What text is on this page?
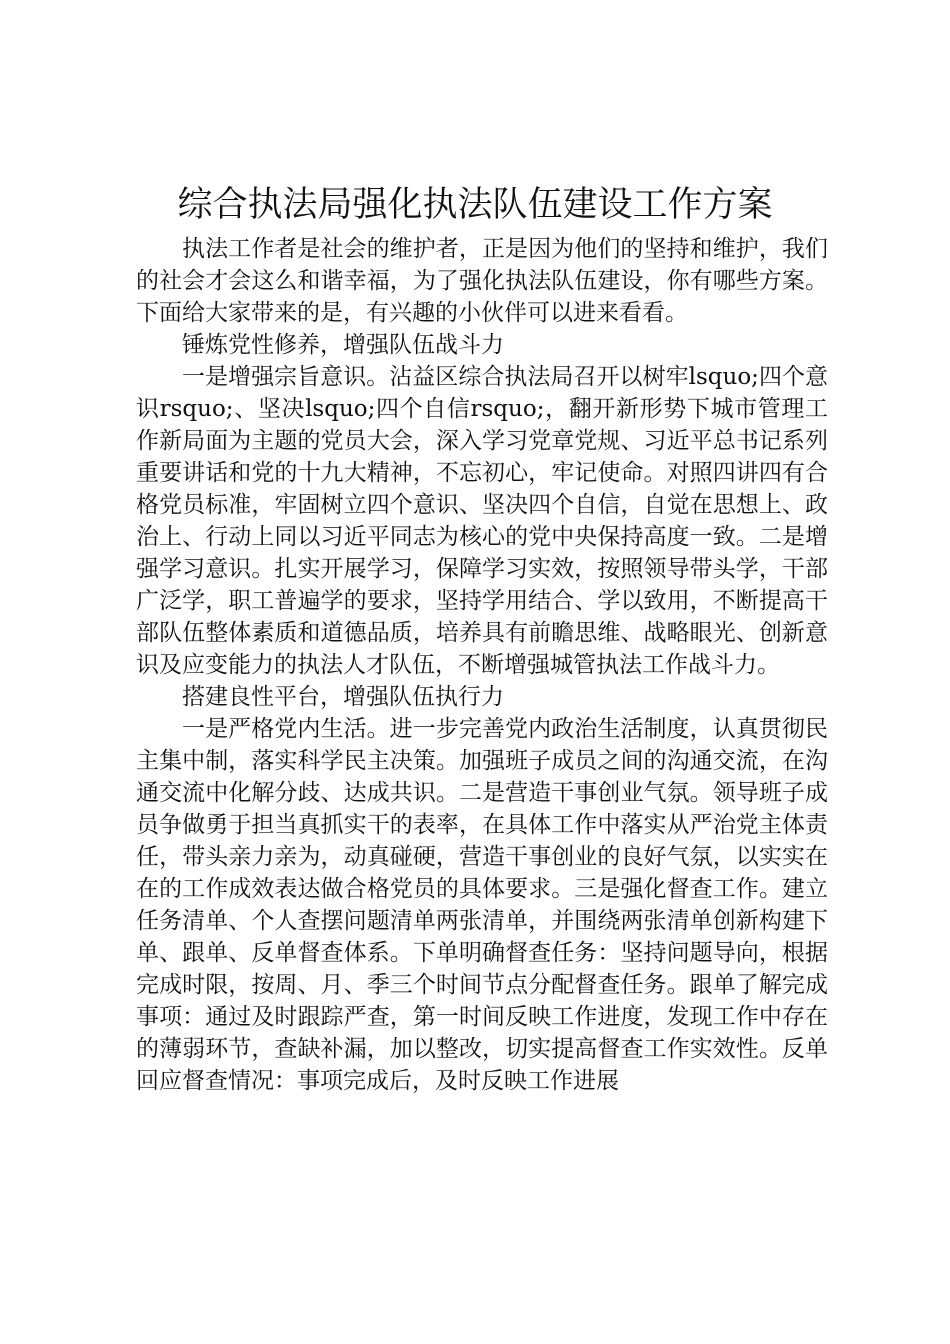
综合执法局强化执法队伍建设工作方案

执法工作者是社会的维护者，正是因为他们的坚持和维护，我们的社会才会这么和谐幸福，为了强化执法队伍建设，你有哪些方案。下面给大家带来的是，有兴趣的小伙伴可以进来看看。

锤炼党性修养，增强队伍战斗力

一是增强宗旨意识。沾益区综合执法局召开以树牢lsquo;四个意识rsquo;、坚决lsquo;四个自信rsquo;，翻开新形势下城市管理工作新局面为主题的党员大会，深入学习党章党规、习近平总书记系列重要讲话和党的十九大精神，不忘初心，牢记使命。对照四讲四有合格党员标准，牢固树立四个意识、坚决四个自信，自觉在思想上、政治上、行动上同以习近平同志为核心的党中央保持高度一致。二是增强学习意识。扎实开展学习，保障学习实效，按照领导带头学，干部广泛学，职工普遍学的要求，坚持学用结合、学以致用，不断提高干部队伍整体素质和道德品质，培养具有前瞻思维、战略眼光、创新意识及应变能力的执法人才队伍，不断增强城管执法工作战斗力。

搭建良性平台，增强队伍执行力

一是严格党内生活。进一步完善党内政治生活制度，认真贯彻民主集中制，落实科学民主决策。加强班子成员之间的沟通交流，在沟通交流中化解分歧、达成共识。二是营造干事创业气氛。领导班子成员争做勇于担当真抓实干的表率，在具体工作中落实从严治党主体责任，带头亲力亲为，动真碰硬，营造干事创业的良好气氛，以实实在在的工作成效表达做合格党员的具体要求。三是强化督查工作。建立任务清单、个人查摆问题清单两张清单，并围绕两张清单创新构建下单、跟单、反单督查体系。下单明确督查任务：坚持问题导向，根据完成时限，按周、月、季三个时间节点分配督查任务。跟单了解完成事项：通过及时跟踪严查，第一时间反映工作进度，发现工作中存在的薄弱环节，查缺补漏，加以整改，切实提高督查工作实效性。反单回应督查情况：事项完成后，及时反映工作进展
